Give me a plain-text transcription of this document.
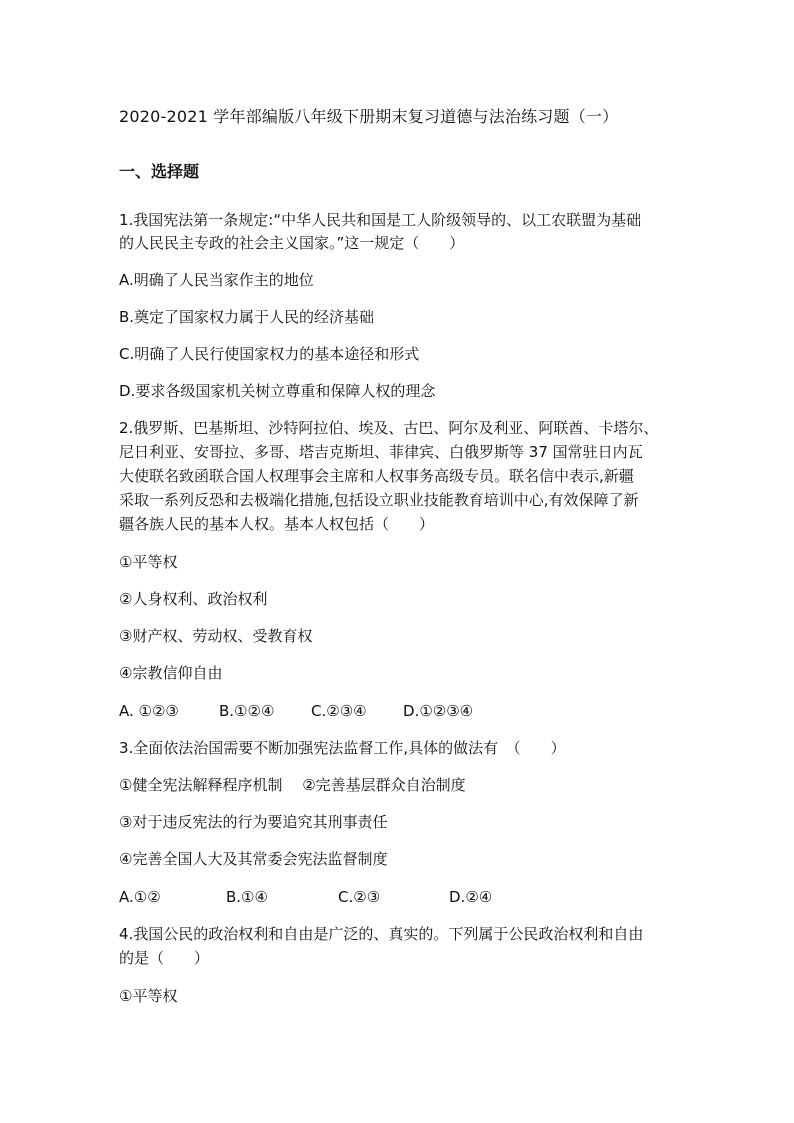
2020-2021 学年部编版八年级下册期末复习道德与法治练习题（一）
一、选择题
1.我国宪法第一条规定:“中华人民共和国是工人阶级领导的、以工农联盟为基础
的人民民主专政的社会主义国家。”这一规定（　　）
A.明确了人民当家作主的地位
B.奠定了国家权力属于人民的经济基础
C.明确了人民行使国家权力的基本途径和形式
D.要求各级国家机关树立尊重和保障人权的理念
2.俄罗斯、巴基斯坦、沙特阿拉伯、埃及、古巴、阿尔及利亚、阿联酋、卡塔尔、
尼日利亚、安哥拉、多哥、塔吉克斯坦、菲律宾、白俄罗斯等 37 国常驻日内瓦
大使联名致函联合国人权理事会主席和人权事务高级专员。联名信中表示,新疆
采取一系列反恐和去极端化措施,包括设立职业技能教育培训中心,有效保障了新
疆各族人民的基本人权。基本人权包括（　　）
①平等权
②人身权利、政治权利
③财产权、劳动权、受教育权
④宗教信仰自由
A. ①②③	B.①②④ C.②③④ D.①②③④
3.全面依法治国需要不断加强宪法监督工作,具体的做法有　（　　）
①健全宪法解释程序机制　 ②完善基层群众自治制度
③对于违反宪法的行为要追究其刑事责任
④完善全国人大及其常委会宪法监督制度
A.①②	B.①④	C.②③	D.②④
4.我国公民的政治权利和自由是广泛的、真实的。下列属于公民政治权利和自由
的是（　　）
①平等权
